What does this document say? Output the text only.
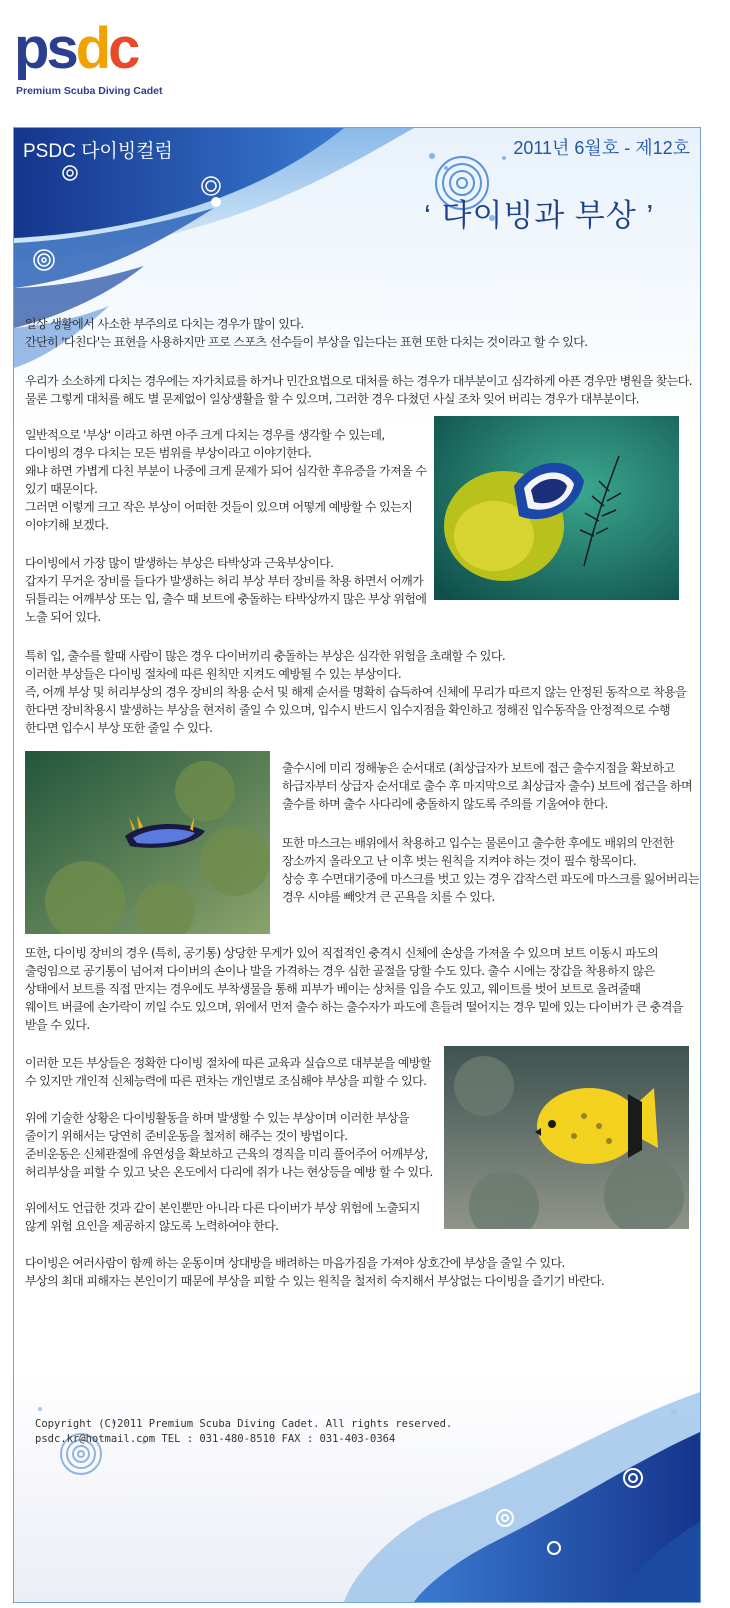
psdc
Premium Scuba Diving Cadet
PSDC 다이빙컬럼	2011년 6월호 - 제12호
‘ 다이빙과 부상 ’
일상 생활에서 사소한 부주의로 다치는 경우가 많이 있다.
간단히 '다친다'는 표현을 사용하지만 프로 스포츠 선수들이 부상을 입는다는 표현 또한 다치는 것이라고 할 수 있다.
우리가 소소하게 다치는 경우에는 자가치료를 하거나 민간요법으로 대처를 하는 경우가 대부분이고 심각하게 아픈 경우만 병원을 찾는다.
물론 그렇게 대처를 해도 별 문제없이 일상생활을 할 수 있으며, 그러한 경우 다쳤던 사실 조차 잊어 버리는 경우가 대부분이다.
일반적으로 '부상' 이라고 하면 아주 크게 다치는 경우를 생각할 수 있는데,
다이빙의 경우 다치는 모든 범위를 부상이라고 이야기한다.
왜냐 하면 가볍게 다친 부분이 나중에 크게 문제가 되어 심각한 후유증을 가져올 수
있기 때문이다.
그러면 이렇게 크고 작은 부상이 어떠한 것들이 있으며 어떻게 예방할 수 있는지
이야기해 보겠다.
다이빙에서 가장 많이 발생하는 부상은 타박상과 근육부상이다.
갑자기 무거운 장비를 들다가 발생하는 허리 부상 부터 장비를 착용 하면서 어깨가
뒤틀리는 어깨부상 또는 입, 출수 때 보트에 충돌하는 타박상까지 많은 부상 위험에
노출 되어 있다.
특히 입, 출수를 할때 사람이 많은 경우 다이버끼리 충돌하는 부상은 심각한 위험을 초래할 수 있다.
이러한 부상들은 다이빙 절차에 따른 원칙만 지켜도 예방될 수 있는 부상이다.
즉, 어깨 부상 및 허리부상의 경우 장비의 착용 순서 및 해제 순서를 명확히 습득하여 신체에 무리가 따르지 않는 안정된 동작으로 착용을
한다면 장비착용시 발생하는 부상을 현저히 줄일 수 있으며, 입수시 반드시 입수지점을 확인하고 정해진 입수동작을 안정적으로 수행
한다면 입수시 부상 또한 줄일 수 있다.
출수시에 미리 정해놓은 순서대로 (최상급자가 보트에 접근 출수지점을 확보하고
하급자부터 상급자 순서대로 출수 후 마지막으로 최상급자 출수) 보트에 접근을 하며
출수를 하며 출수 사다리에 충돌하지 않도록 주의를 기울여야 한다.
또한 마스크는 배위에서 착용하고 입수는 물론이고 출수한 후에도 배위의 안전한
장소까지 올라오고 난 이후 벗는 원칙을 지켜야 하는 것이 필수 항목이다.
상승 후 수면대기중에 마스크를 벗고 있는 경우 갑작스런 파도에 마스크를 잃어버리는
경우 시야를 빼앗겨 큰 곤욕을 치를 수 있다.
또한, 다이빙 장비의 경우 (특히, 공기통) 상당한 무게가 있어 직접적인 충격시 신체에 손상을 가져올 수 있으며 보트 이동시 파도의
출렁임으로 공기통이 넘어져 다이버의 손이나 발을 가격하는 경우 심한 골절을 당할 수도 있다. 출수 시에는 장갑을 착용하지 않은
상태에서 보트를 직접 만지는 경우에도 부착생물을 통해 피부가 베이는 상처를 입을 수도 있고, 웨이트를 벗어 보트로 올려줄때
웨이트 버클에 손가락이 끼일 수도 있으며, 위에서 먼저 출수 하는 출수자가 파도에 흔들려 떨어지는 경우 밑에 있는 다이버가 큰 충격을
받을 수 있다.
이러한 모든 부상들은 정확한 다이빙 절차에 따른 교육과 실습으로 대부분을 예방할
수 있지만 개인적 신체능력에 따른 편차는 개인별로 조심해야 부상을 피할 수 있다.
위에 기술한 상황은 다이빙활동을 하며 발생할 수 있는 부상이며 이러한 부상을
줄이기 위해서는 당연히 준비운동을 철저히 해주는 것이 방법이다.
준비운동은 신체관절에 유연성을 확보하고 근육의 경직을 미리 풀어주어 어깨부상,
허리부상을 피할 수 있고 낮은 온도에서 다리에 쥐가 나는 현상등을 예방 할 수 있다.
위에서도 언급한 것과 같이 본인뿐만 아니라 다른 다이버가 부상 위험에 노출되지
않게 위험 요인을 제공하지 않도록 노력하여야 한다.
다이빙은 여러사람이 함께 하는 운동이며 상대방을 배려하는 마음가짐을 가져야 상호간에 부상을 줄일 수 있다.
부상의 최대 피해자는 본인이기 때문에 부상을 피할 수 있는 원칙을 철저히 숙지해서 부상없는 다이빙을 즐기기 바란다.
Copyright (C)2011 Premium Scuba Diving Cadet. All rights reserved.
psdc.kr@hotmail.com TEL : 031-480-8510 FAX : 031-403-0364
